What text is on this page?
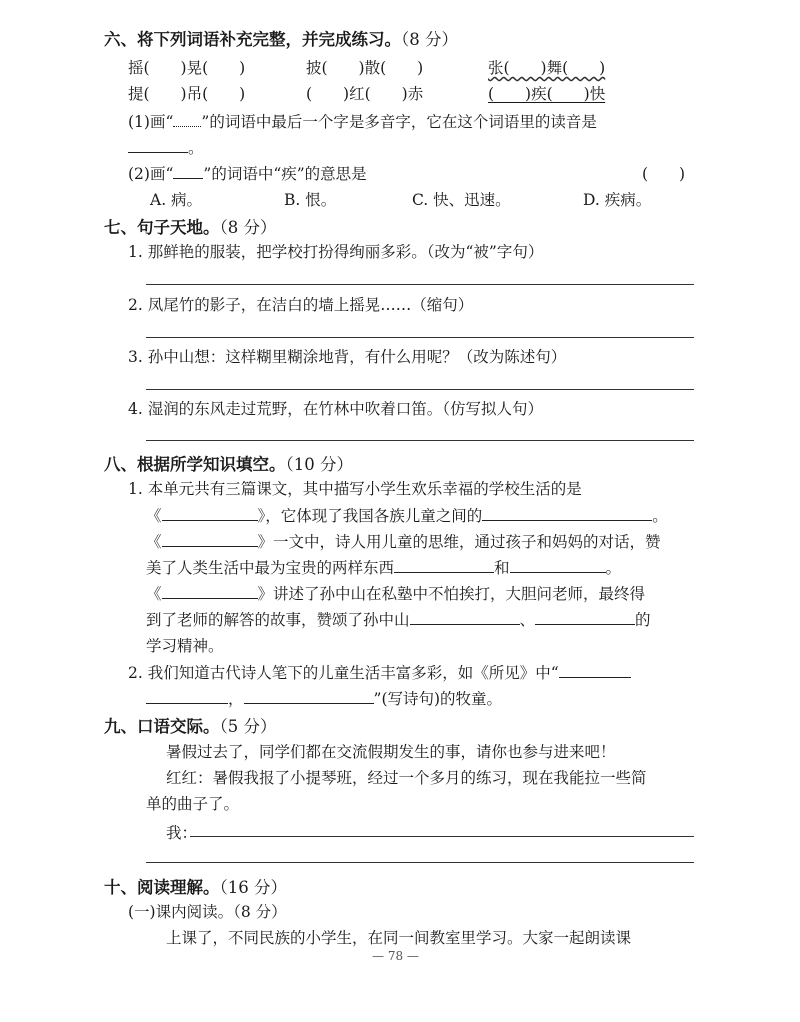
六、将下列词语补充完整，并完成练习。（8 分）
摇(　　)晃(　　)	披(　　)散(　　)	张(　　)舞(　　)
提(　　)吊(　　)	(　　)红(　　)赤	(　　)疾(　　)快
(1)画“ ”的词语中最后一个字是多音字，它在这个词语里的读音是
。
(2)画“ ”的词语中“疾”的意思是	(　　)
A. 病。	B. 恨。	C. 快、迅速。	D. 疾病。
七、句子天地。（8 分）
1. 那鲜艳的服装，把学校打扮得绚丽多彩。（改为“被”字句）
2. 凤尾竹的影子，在洁白的墙上摇晃……（缩句）
3. 孙中山想：这样糊里糊涂地背，有什么用呢？（改为陈述句）
4. 湿润的东风走过荒野，在竹林中吹着口笛。（仿写拟人句）
八、根据所学知识填空。（10 分）
1. 本单元共有三篇课文，其中描写小学生欢乐幸福的学校生活的是
《	》，它体现了我国各族儿童之间的	。
《	》一文中，诗人用儿童的思维，通过孩子和妈妈的对话，赞
美了人类生活中最为宝贵的两样东西	和	。
《	》讲述了孙中山在私塾中不怕挨打，大胆问老师，最终得
到了老师的解答的故事，赞颂了孙中山	、	的
学习精神。
2. 我们知道古代诗人笔下的儿童生活丰富多彩，如《所见》中“
，	”(写诗句)的牧童。
九、口语交际。（5 分）
暑假过去了，同学们都在交流假期发生的事，请你也参与进来吧！
红红：暑假我报了小提琴班，经过一个多月的练习，现在我能拉一些简
单的曲子了。
我：
十、阅读理解。（16 分）
(一)课内阅读。（8 分）
上课了，不同民族的小学生，在同一间教室里学习。大家一起朗读课
— 78 —
